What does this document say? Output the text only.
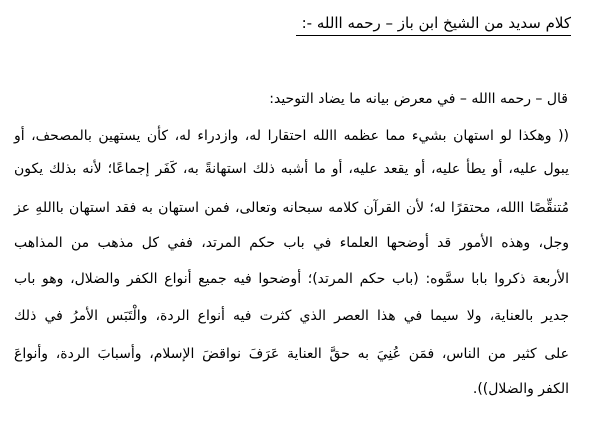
كلام سديد من الشيخ ابن باز – رحمه االله -:
قال – رحمه االله – في معرض بيانه ما يضاد التوحيد:
(( وهكذا لو استهان بشيء مما عظمه االله احتقارا له، وازدراء له، كأن يستهين بالمصحف، أو
يبول عليه، أو يطأ عليه، أو يقعد عليه، أو ما أشبه ذلك استهانةً به، كَفَر إجماعًا؛ لأنه بذلك يكون
مُتنقِّصًا االله، محتقرًا له؛ لأن القرآن كلامه سبحانه وتعالى، فمن استهان به فقد استهان بااللهِ عز
وجل، وهذه الأمور قد أوضحها العلماء في باب حكم المرتد، ففي كل مذهب من المذاهب
الأربعة ذكروا بابا سمَّوه: (باب حكم المرتد)؛ أوضحوا فيه جميع أنواع الكفر والضلال، وهو باب
جدير بالعناية، ولا سيما في هذا العصر الذي كثرت فيه أنواع الردة، والْتَبَس الأمرُ في ذلك
على كثير من الناس، فمَن عُنِيَ به حقَّ العناية عَرَفَ نواقضَ الإسلام، وأسبابَ الردة، وأنواعَ
الكفر والضلال)).
